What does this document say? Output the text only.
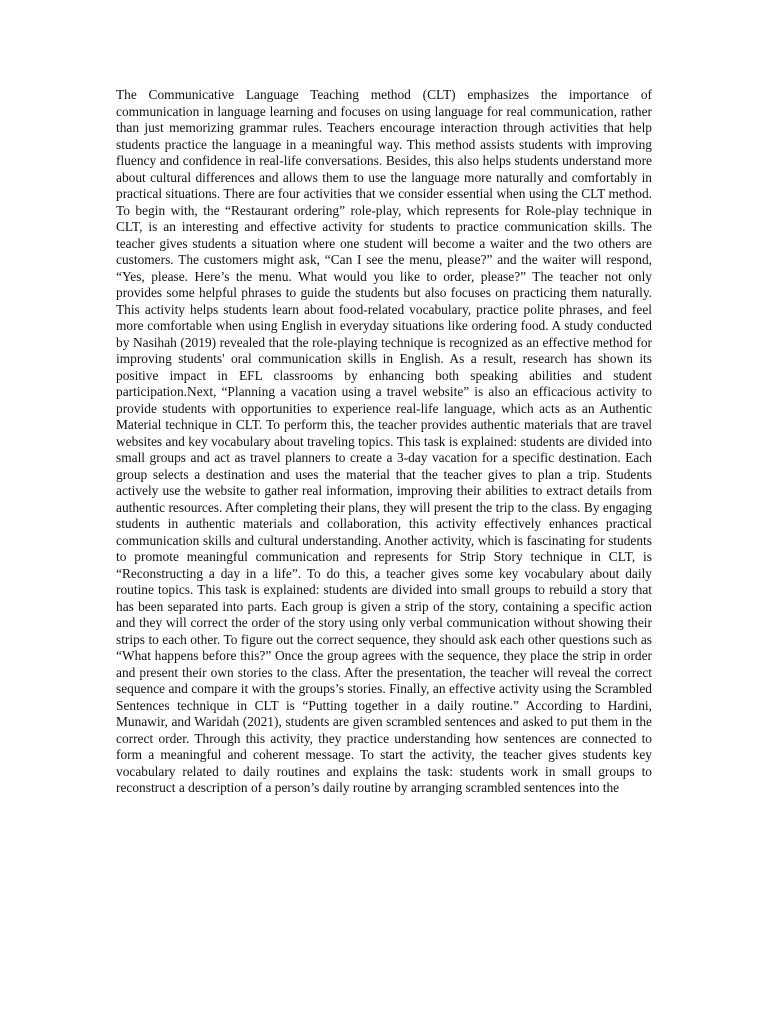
The Communicative Language Teaching method (CLT) emphasizes the importance of communication in language learning and focuses on using language for real communication, rather than just memorizing grammar rules. Teachers encourage interaction through activities that help students practice the language in a meaningful way. This method assists students with improving fluency and confidence in real-life conversations. Besides, this also helps students understand more about cultural differences and allows them to use the language more naturally and comfortably in practical situations. There are four activities that we consider essential when using the CLT method. To begin with, the “Restaurant ordering” role-play, which represents for Role-play technique in CLT, is an interesting and effective activity for students to practice communication skills. The teacher gives students a situation where one student will become a waiter and the two others are customers. The customers might ask, “Can I see the menu, please?” and the waiter will respond, “Yes, please. Here’s the menu. What would you like to order, please?” The teacher not only provides some helpful phrases to guide the students but also focuses on practicing them naturally. This activity helps students learn about food-related vocabulary, practice polite phrases, and feel more comfortable when using English in everyday situations like ordering food. A study conducted by Nasihah (2019) revealed that the role-playing technique is recognized as an effective method for improving students' oral communication skills in English. As a result, research has shown its positive impact in EFL classrooms by enhancing both speaking abilities and student participation.Next, “Planning a vacation using a travel website” is also an efficacious activity to provide students with opportunities to experience real-life language, which acts as an Authentic Material technique in CLT. To perform this, the teacher provides authentic materials that are travel websites and key vocabulary about traveling topics. This task is explained: students are divided into small groups and act as travel planners to create a 3-day vacation for a specific destination. Each group selects a destination and uses the material that the teacher gives to plan a trip. Students actively use the website to gather real information, improving their abilities to extract details from authentic resources. After completing their plans, they will present the trip to the class. By engaging students in authentic materials and collaboration, this activity effectively enhances practical communication skills and cultural understanding. Another activity, which is fascinating for students to promote meaningful communication and represents for Strip Story technique in CLT, is “Reconstructing a day in a life”. To do this, a teacher gives some key vocabulary about daily routine topics. This task is explained: students are divided into small groups to rebuild a story that has been separated into parts. Each group is given a strip of the story, containing a specific action and they will correct the order of the story using only verbal communication without showing their strips to each other. To figure out the correct sequence, they should ask each other questions such as “What happens before this?” Once the group agrees with the sequence, they place the strip in order and present their own stories to the class. After the presentation, the teacher will reveal the correct sequence and compare it with the groups’s stories. Finally, an effective activity using the Scrambled Sentences technique in CLT is “Putting together in a daily routine.” According to Hardini, Munawir, and Waridah (2021), students are given scrambled sentences and asked to put them in the correct order. Through this activity, they practice understanding how sentences are connected to form a meaningful and coherent message. To start the activity, the teacher gives students key vocabulary related to daily routines and explains the task: students work in small groups to reconstruct a description of a person’s daily routine by arranging scrambled sentences into the
